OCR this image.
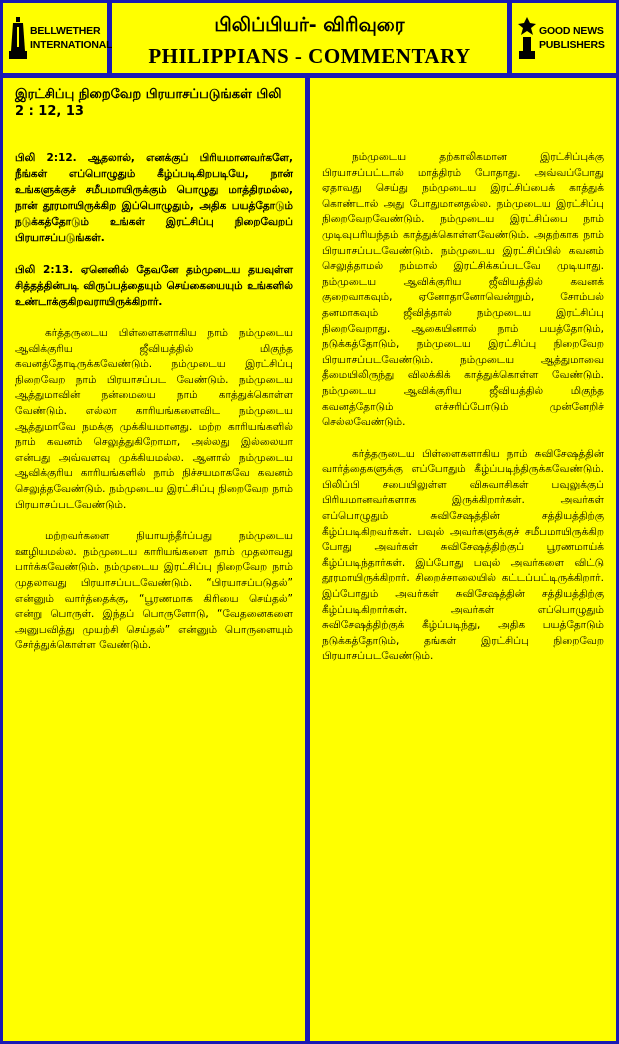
BELLWETHER
INTERNATIONAL
பிலிப்பியர்- விரிவுரை
PHILIPPIANS - COMMENTARY
GOOD NEWS
PUBLISHERS
இரட்சிப்பு நிறைவேற பிரயாசப்படுங்கள் பிலி 2 : 12, 13

பிலி 2:12. ஆதலால், எனக்குப் பிரியமானவர்களே, நீங்கள் எப்பொழுதும் கீழ்ப்படிகிறபடியே, நான் உங்களுக்குச் சமீபமாயிருக்கும் பொழுது மாத்திரமல்ல, நான் தூரமாயிருக்கிற இப்பொழுதும், அதிக பயத்தோடும் நடுக்கத்தோடும் உங்கள் இரட்சிப்பு நிறைவேறப் பிரயாசப்படுங்கள்.

பிலி 2:13. ஏனெனில் தேவனே தம்முடைய தயவுள்ள சித்தத்தின்படி விருப்பத்தையும் செய்கையையும் உங்களில் உண்டாக்குகிறவராயிருக்கிறார்.

கர்த்தருடைய பிள்ளைகளாகிய நாம் நம்முடைய ஆவிக்குரிய ஜீவியத்தில் மிகுந்த கவனத்தோடிருக்கவேண்டும். நம்முடைய இரட்சிப்பு நிறைவேற நாம் பிரயாசப்பட வேண்டும். நம்முடைய ஆத்துமாவின் நன்மையை நாம் காத்துக்கொள்ள வேண்டும். எல்லா காரியங்களைவிட நம்முடைய ஆத்துமாவே நமக்கு முக்கியமானது. மற்ற காரியங்களில் நாம் கவனம் செலுத்துகிறோமா, அல்லது இல்லையா என்பது அவ்வளவு முக்கியமல்ல. ஆனால் நம்முடைய ஆவிக்குரிய காரியங்களில் நாம் நிச்சயமாகவே கவனம் செலுத்தவேண்டும். நம்முடைய இரட்சிப்பு நிறைவேற நாம் பிரயாசப்படவேண்டும்.

மற்றவர்களை நியாயந்தீர்ப்பது நம்முடைய ஊழியமல்ல. நம்முடைய காரியங்களை நாம் முதலாவது பார்க்கவேண்டும். நம்முடைய இரட்சிப்பு நிறைவேற நாம் முதலாவது பிரயாசப்படவேண்டும். “பிரயாசப்படுதல்” என்னும் வார்த்தைக்கு, “பூரணமாக கிரியை செய்தல்” என்று பொருள். இந்தப் பொருளோடு, “வேதனைகளை அனுபவித்து முயற்சி செய்தல்” என்னும் பொருளையும் சேர்த்துக்கொள்ள வேண்டும்.

நம்முடைய தற்காலிகமான இரட்சிப்புக்கு பிரயாசப்பட்டால் மாத்திரம் போதாது. அவ்வப்போது ஏதாவது செய்து நம்முடைய இரட்சிப்பைக் காத்துக் கொண்டால் அது போதுமானதல்ல. நம்முடைய இரட்சிப்பு நிறைவேறவேண்டும். நம்முடைய இரட்சிப்பை நாம் முடிவுபரியந்தம் காத்துக்கொள்ளவேண்டும். அதற்காக நாம் பிரயாசப்படவேண்டும். நம்முடைய இரட்சிப்பில் கவனம் செலுத்தாமல் நம்மால் இரட்சிக்கப்படவே முடியாது. நம்முடைய ஆவிக்குரிய ஜீவியத்தில் கவனக் குறைவாகவும், ஏனோதானோவென்றும், சோம்பல் தனமாகவும் ஜீவித்தால் நம்முடைய இரட்சிப்பு நிறைவேறாது. ஆகையினால் நாம் பயத்தோடும், நடுக்கத்தோடும், நம்முடைய இரட்சிப்பு நிறைவேற பிரயாசப்படவேண்டும். நம்முடைய ஆத்துமாவை தீமையிலிருந்து விலக்கிக் காத்துக்கொள்ள வேண்டும். நம்முடைய ஆவிக்குரிய ஜீவியத்தில் மிகுந்த கவனத்தோடும் எச்சரிப்போடும் முன்னேறிச் செல்லவேண்டும்.

கர்த்தருடைய பிள்ளைகளாகிய நாம் சுவிசேஷத்தின் வார்த்தைகளுக்கு எப்போதும் கீழ்ப்படிந்திருக்கவேண்டும். பிலிப்பி சபையிலுள்ள விசுவாசிகள் பவுலுக்குப் பிரியமானவர்களாக இருக்கிறார்கள். அவர்கள் எப்பொழுதும் சுவிசேஷத்தின் சத்தியத்திற்கு கீழ்ப்படிகிறவர்கள். பவுல் அவர்களுக்குச் சமீபமாயிருக்கிற போது அவர்கள் சுவிசேஷத்திற்குப் பூரணமாய்க் கீழ்ப்படிந்தார்கள். இப்போது பவுல் அவர்களை விட்டு தூரமாயிருக்கிறார். சிறைச்சாலையில் கட்டப்பட்டிருக்கிறார். இப்போதும் அவர்கள் சுவிசேஷத்தின் சத்தியத்திற்கு கீழ்ப்படிகிறார்கள். அவர்கள் எப்பொழுதும் சுவிசேஷத்திற்குக் கீழ்ப்படிந்து, அதிக பயத்தோடும் நடுக்கத்தோடும், தங்கள் இரட்சிப்பு நிறைவேற பிரயாசப்படவேண்டும்.
